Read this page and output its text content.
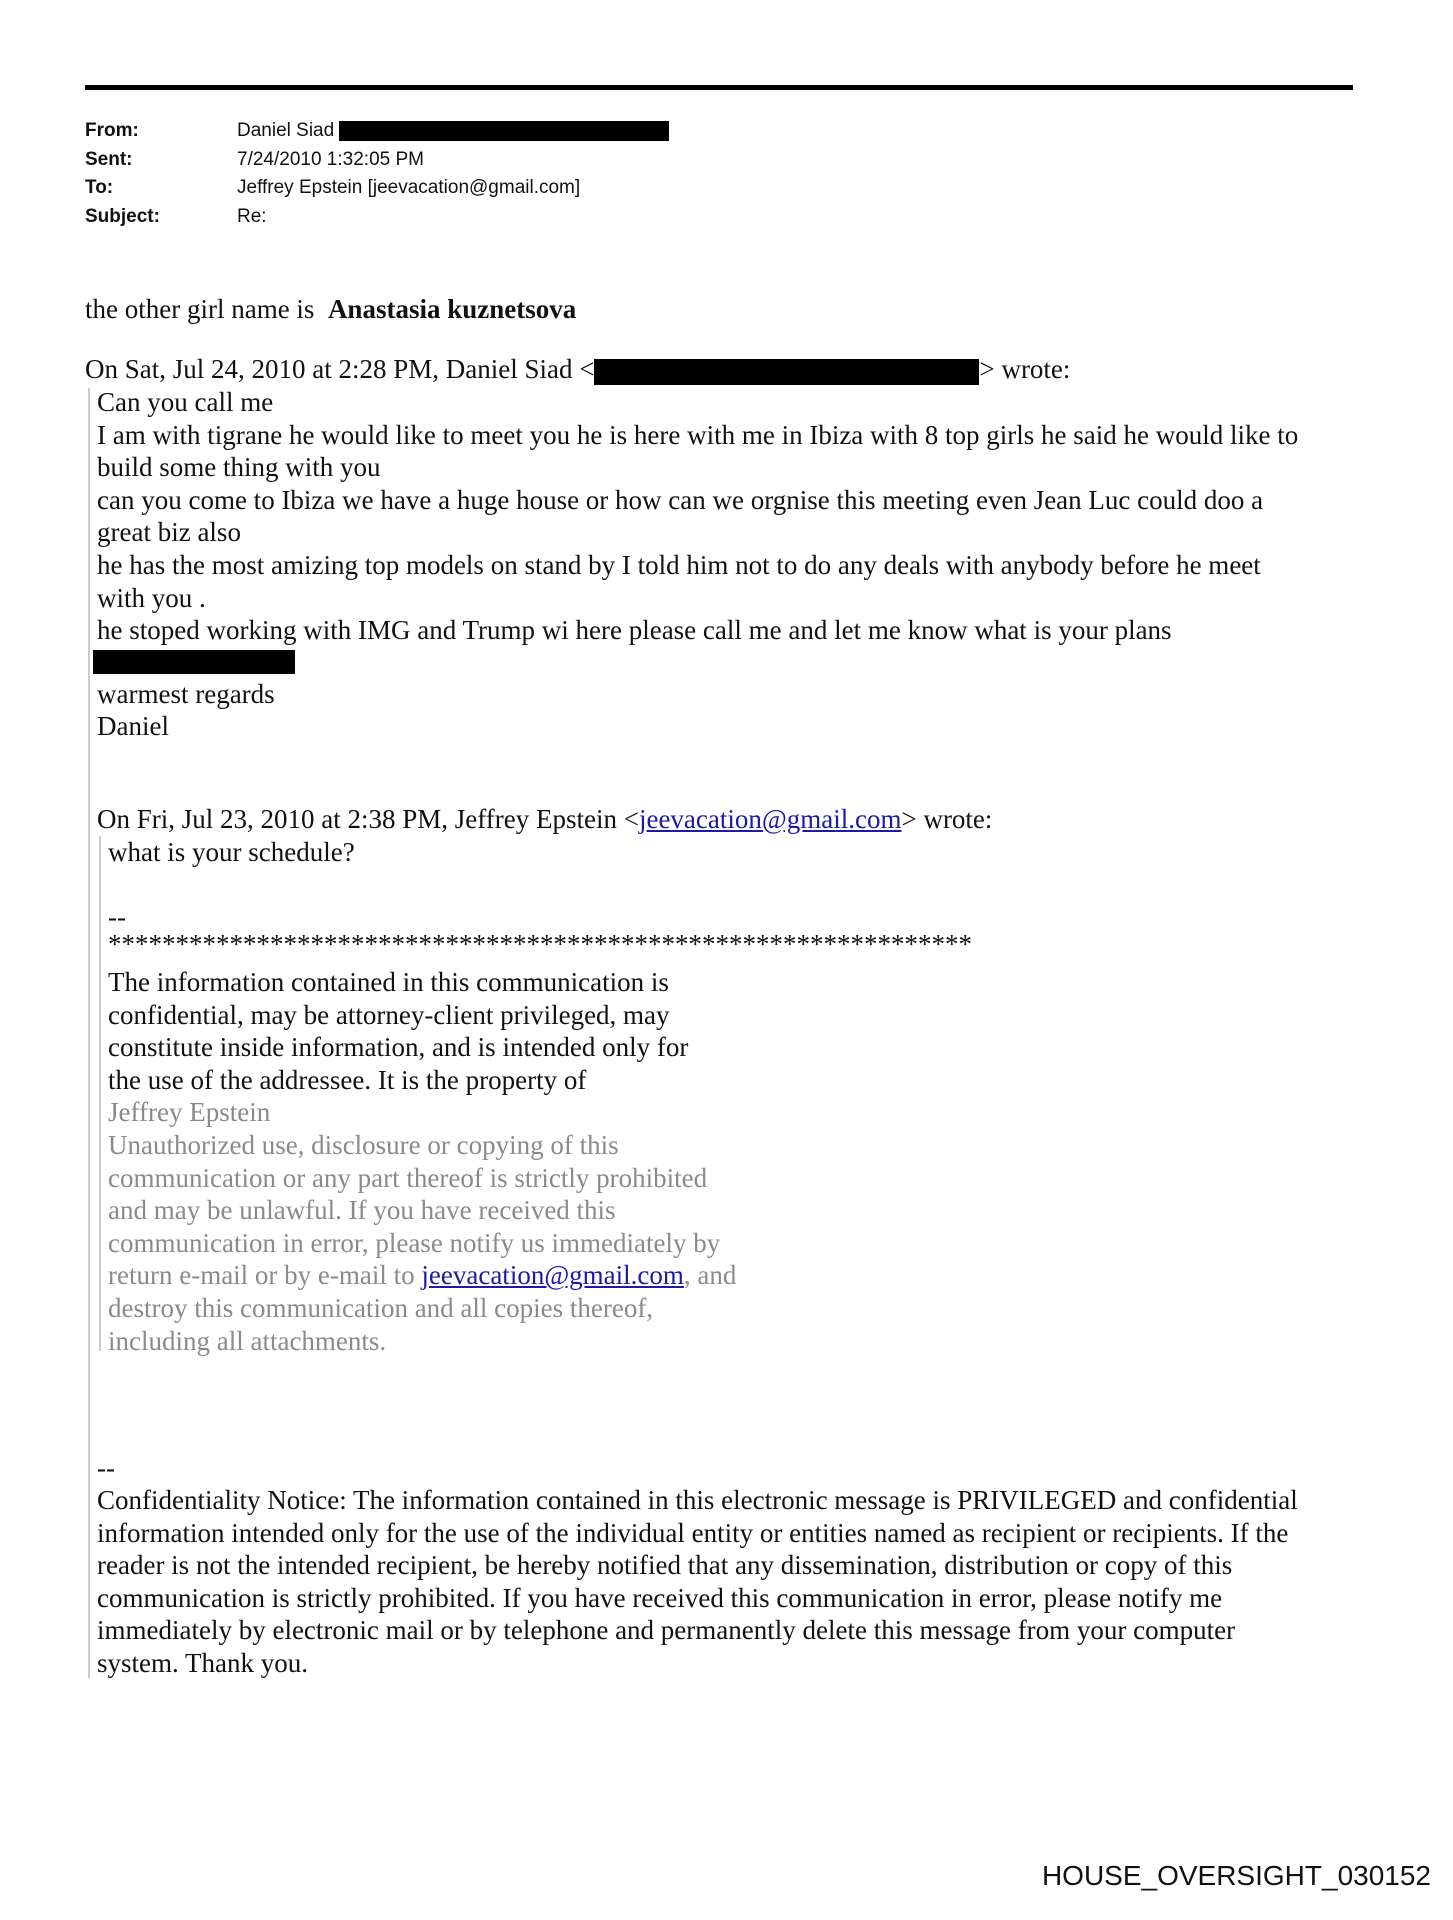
From:	Daniel Siad
Sent:	7/24/2010 1:32:05 PM
To:	Jeffrey Epstein [jeevacation@gmail.com]
Subject:	Re:
the other girl name is Anastasia kuznetsova
On Sat, Jul 24, 2010 at 2:28 PM, Daniel Siad <	> wrote:
Can you call me
I am with tigrane he would like to meet you he is here with me in Ibiza with 8 top girls he said he would like to
build some thing with you
can you come to Ibiza we have a huge house or how can we orgnise this meeting even Jean Luc could doo a
great biz also
he has the most amizing top models on stand by I told him not to do any deals with anybody before he meet
with you .
he stoped working with IMG and Trump wi here please call me and let me know what is your plans
warmest regards
Daniel
On Fri, Jul 23, 2010 at 2:38 PM, Jeffrey Epstein <jeevacation@gmail.com> wrote:
what is your schedule?
--
****************************************************************
The information contained in this communication is
confidential, may be attorney-client privileged, may
constitute inside information, and is intended only for
the use of the addressee. It is the property of
Jeffrey Epstein
Unauthorized use, disclosure or copying of this
communication or any part thereof is strictly prohibited
and may be unlawful. If you have received this
communication in error, please notify us immediately by
return e-mail or by e-mail to jeevacation@gmail.com, and
destroy this communication and all copies thereof,
including all attachments.
--
Confidentiality Notice: The information contained in this electronic message is PRIVILEGED and confidential
information intended only for the use of the individual entity or entities named as recipient or recipients. If the
reader is not the intended recipient, be hereby notified that any dissemination, distribution or copy of this
communication is strictly prohibited. If you have received this communication in error, please notify me
immediately by electronic mail or by telephone and permanently delete this message from your computer
system. Thank you.
HOUSE_OVERSIGHT_030152
